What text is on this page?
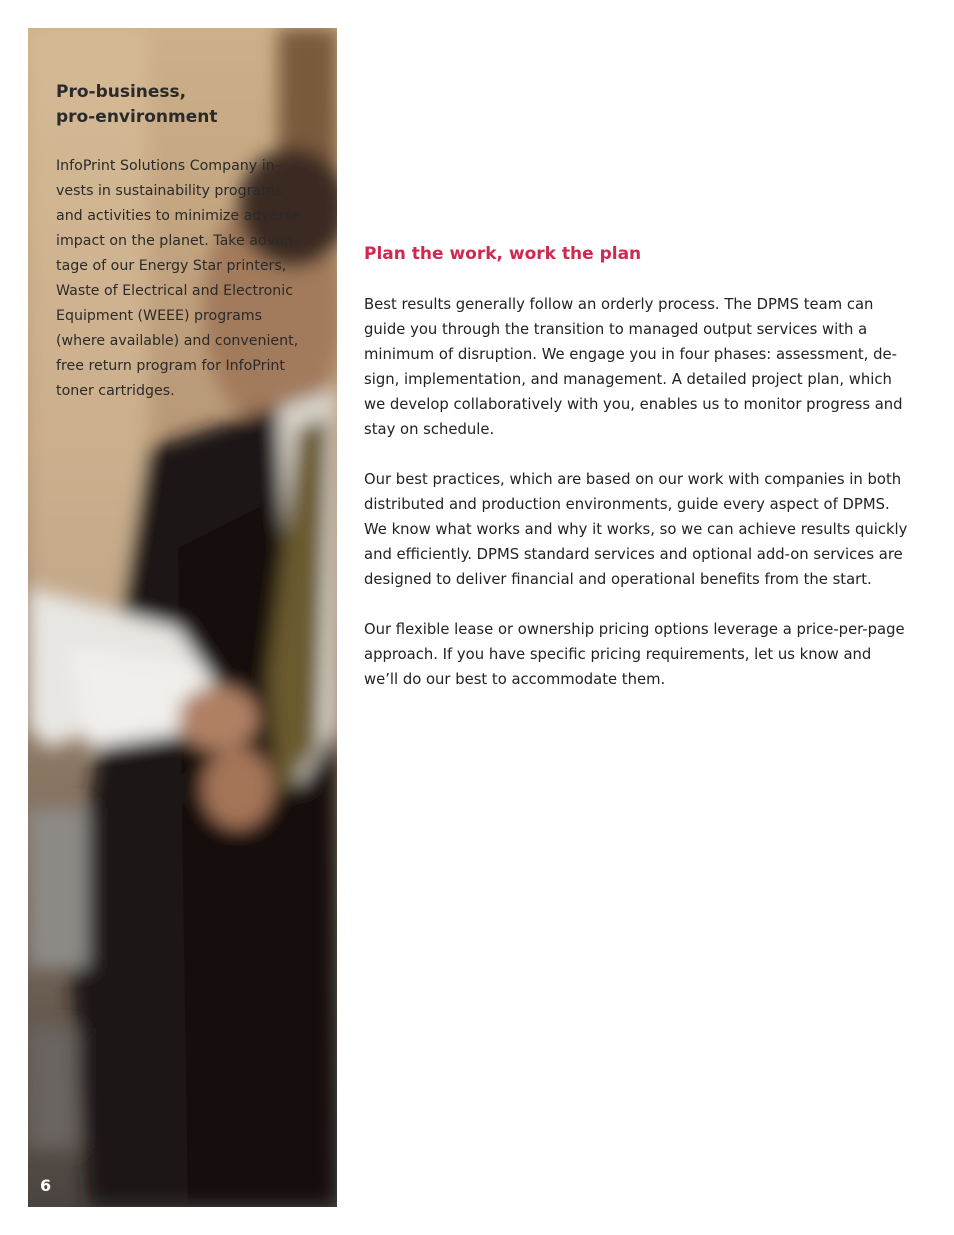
Pro-business,
pro-environment

InfoPrint Solutions Company in-
vests in sustainability programs
and activities to minimize adverse
impact on the planet. Take advan-
tage of our Energy Star printers,
Waste of Electrical and Electronic
Equipment (WEEE) programs
(where available) and convenient,
free return program for InfoPrint
toner cartridges.

6
Plan the work, work the plan

Best results generally follow an orderly process. The DPMS team can
guide you through the transition to managed output services with a
minimum of disruption. We engage you in four phases: assessment, de-
sign, implementation, and management. A detailed project plan, which
we develop collaboratively with you, enables us to monitor progress and
stay on schedule.

Our best practices, which are based on our work with companies in both
distributed and production environments, guide every aspect of DPMS.
We know what works and why it works, so we can achieve results quickly
and efficiently. DPMS standard services and optional add-on services are
designed to deliver financial and operational benefits from the start.

Our flexible lease or ownership pricing options leverage a price-per-page
approach. If you have specific pricing requirements, let us know and
we’ll do our best to accommodate them.
